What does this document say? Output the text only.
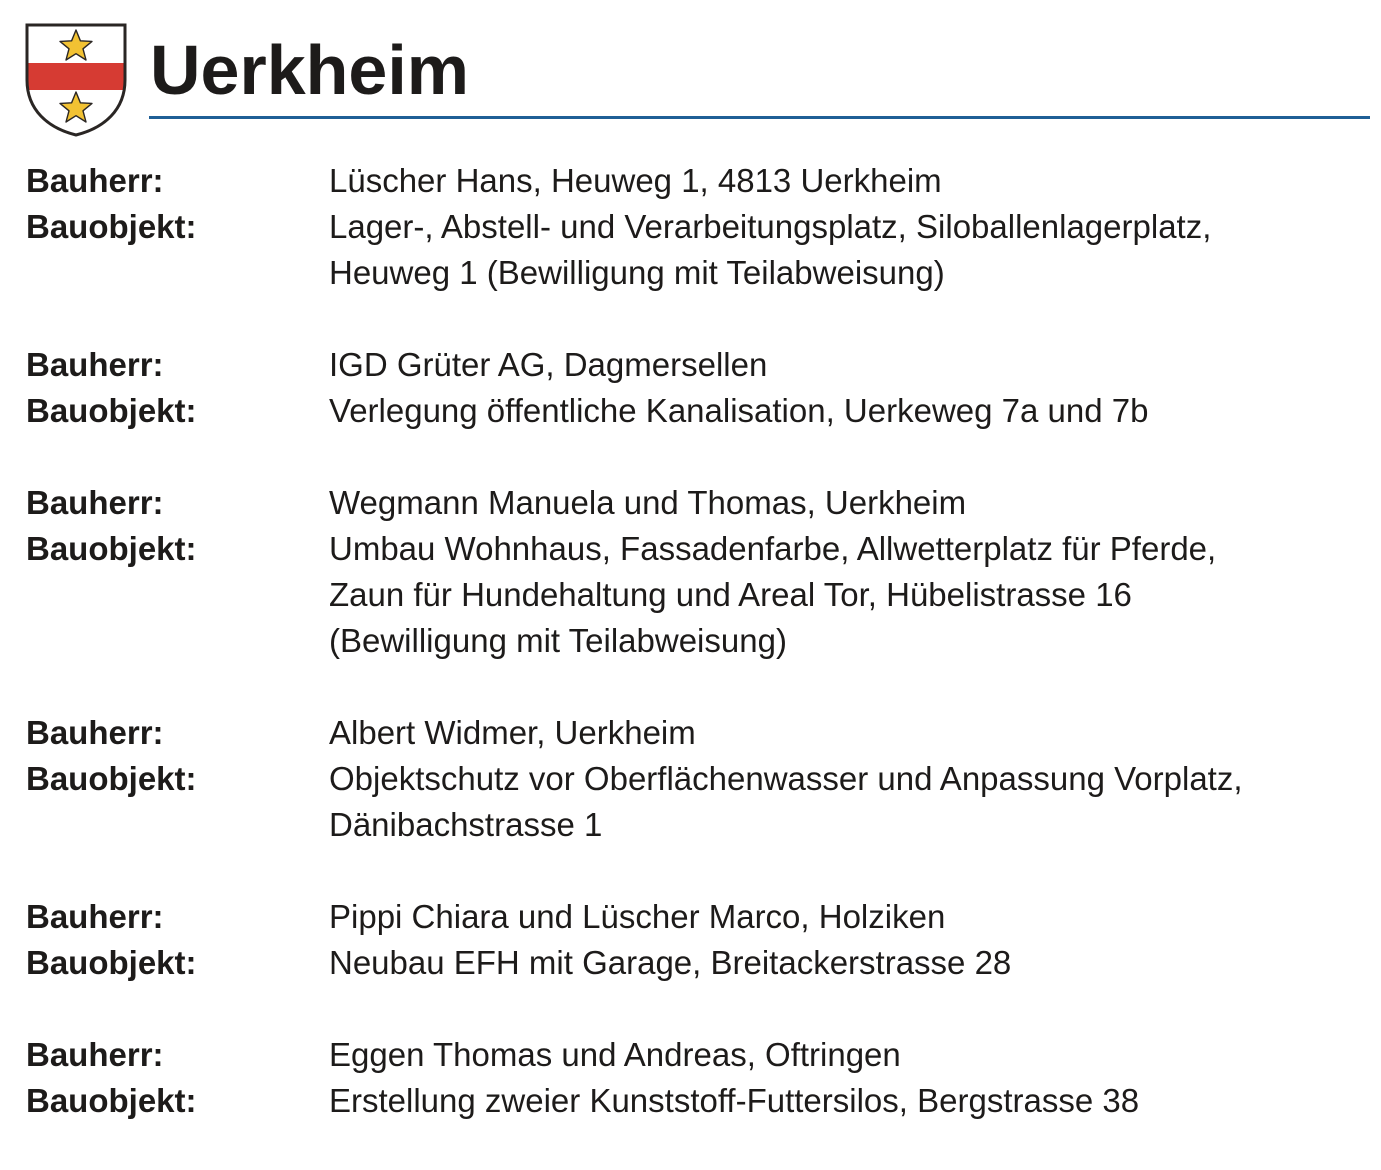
Uerkheim
Bauherr:	Lüscher Hans, Heuweg 1, 4813 Uerkheim
Bauobjekt:	Lager-, Abstell- und Verarbeitungsplatz, Siloballenlagerplatz,
Heuweg 1 (Bewilligung mit Teilabweisung)
Bauherr:	IGD Grüter AG, Dagmersellen
Bauobjekt:	Verlegung öffentliche Kanalisation, Uerkeweg 7a und 7b
Bauherr:	Wegmann Manuela und Thomas, Uerkheim
Bauobjekt:	Umbau Wohnhaus, Fassadenfarbe, Allwetterplatz für Pferde,
Zaun für Hundehaltung und Areal Tor, Hübelistrasse 16
(Bewilligung mit Teilabweisung)
Bauherr:	Albert Widmer, Uerkheim
Bauobjekt:	Objektschutz vor Oberflächenwasser und Anpassung Vorplatz,
Dänibachstrasse 1
Bauherr:	Pippi Chiara und Lüscher Marco, Holziken
Bauobjekt:	Neubau EFH mit Garage, Breitackerstrasse 28
Bauherr:	Eggen Thomas und Andreas, Oftringen
Bauobjekt:	Erstellung zweier Kunststoff-Futtersilos, Bergstrasse 38
